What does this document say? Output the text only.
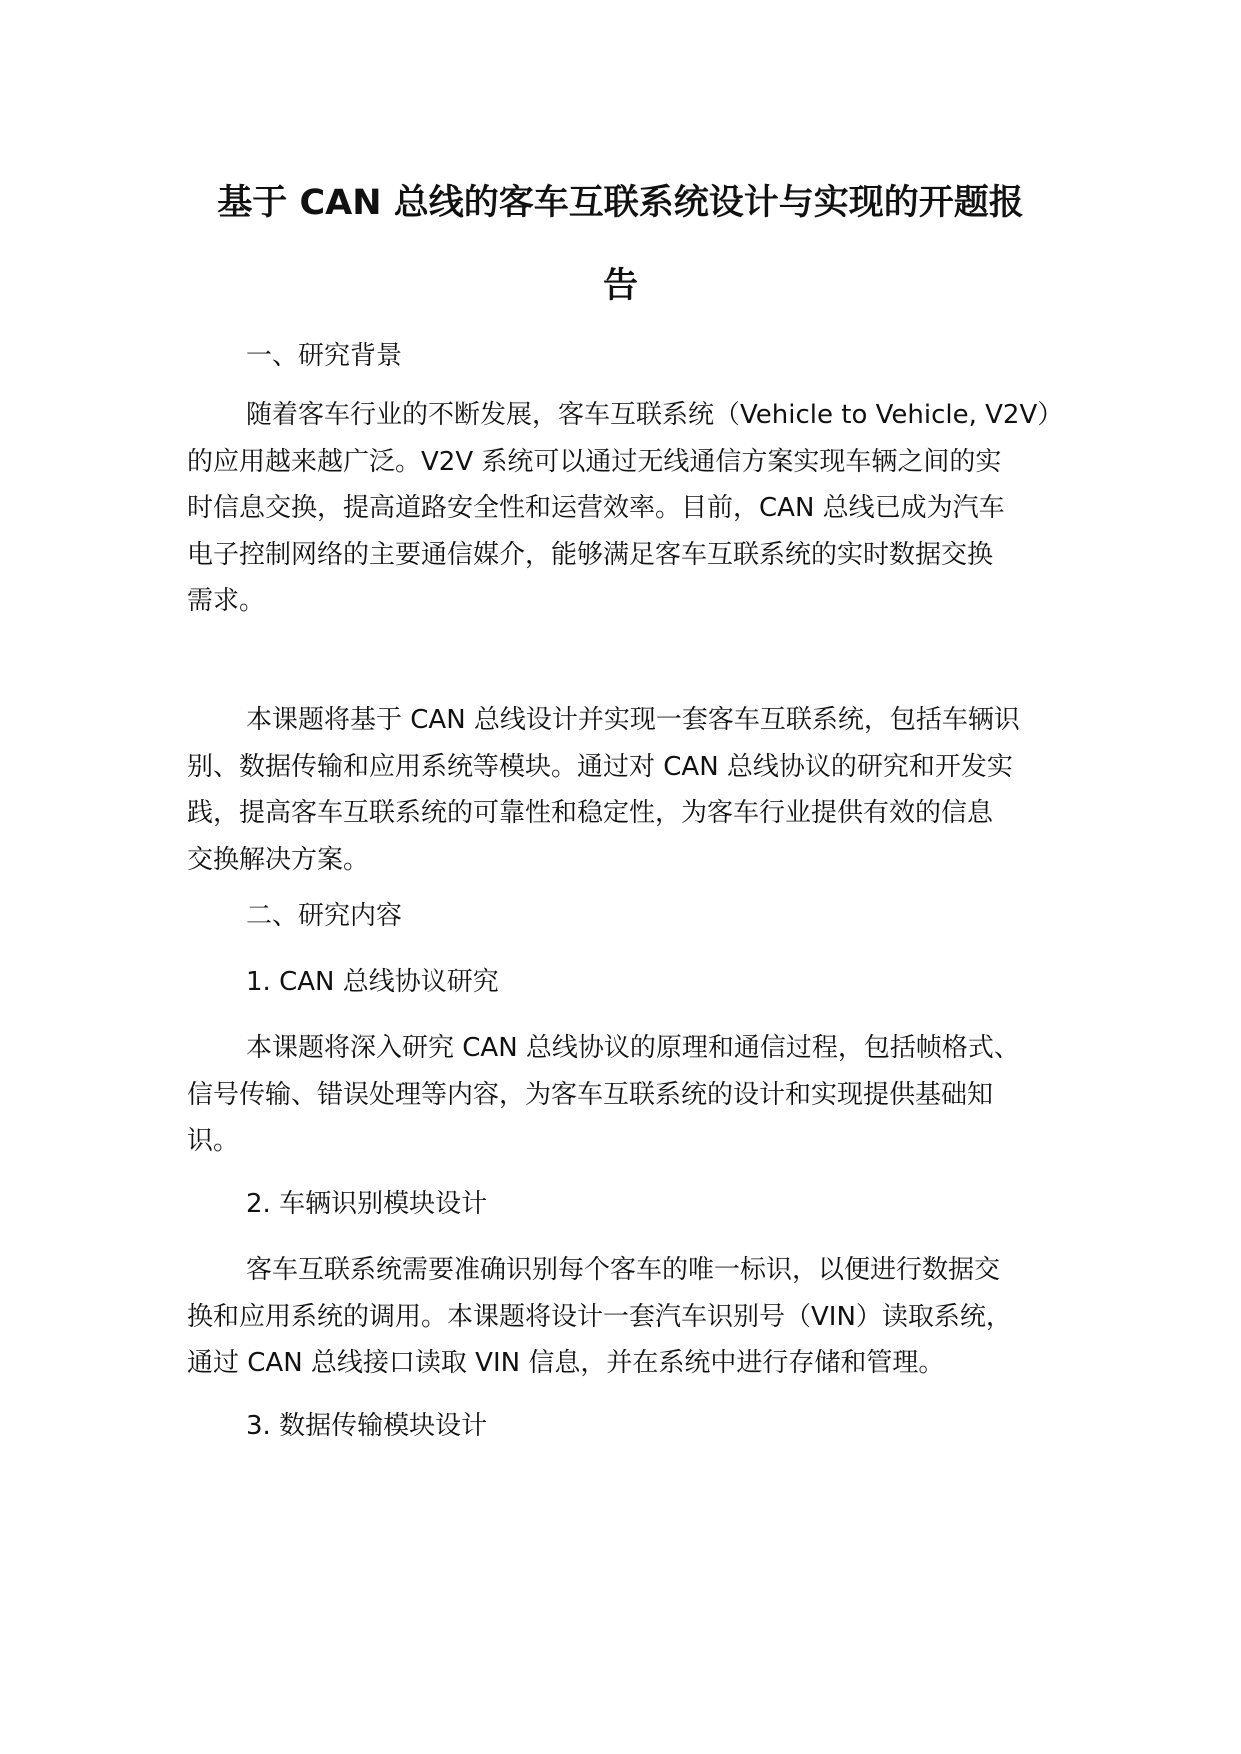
基于 CAN 总线的客车互联系统设计与实现的开题报
告
一、研究背景
随着客车行业的不断发展，客车互联系统（Vehicle to Vehicle, V2V）
的应用越来越广泛。V2V 系统可以通过无线通信方案实现车辆之间的实
时信息交换，提高道路安全性和运营效率。目前，CAN 总线已成为汽车
电子控制网络的主要通信媒介，能够满足客车互联系统的实时数据交换
需求。
本课题将基于 CAN 总线设计并实现一套客车互联系统，包括车辆识
别、数据传输和应用系统等模块。通过对 CAN 总线协议的研究和开发实
践，提高客车互联系统的可靠性和稳定性，为客车行业提供有效的信息
交换解决方案。
二、研究内容
1. CAN 总线协议研究
本课题将深入研究 CAN 总线协议的原理和通信过程，包括帧格式、
信号传输、错误处理等内容，为客车互联系统的设计和实现提供基础知
识。
2. 车辆识别模块设计
客车互联系统需要准确识别每个客车的唯一标识，以便进行数据交
换和应用系统的调用。本课题将设计一套汽车识别号（VIN）读取系统，
通过 CAN 总线接口读取 VIN 信息，并在系统中进行存储和管理。
3. 数据传输模块设计
